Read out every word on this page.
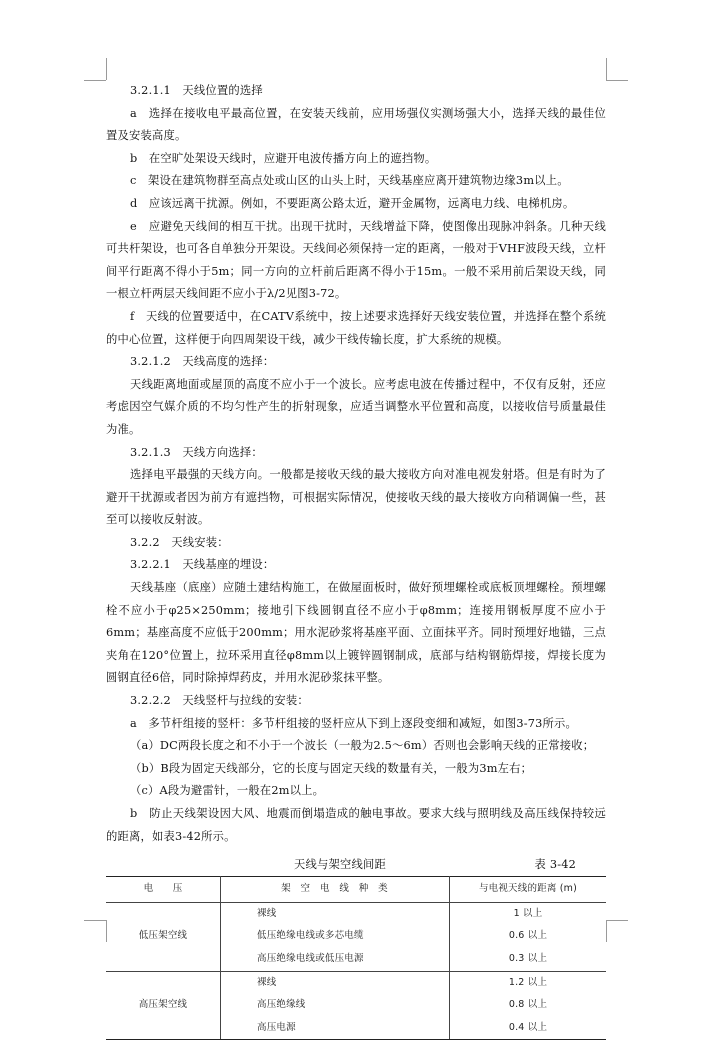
3.2.1.1　天线位置的选择

a　选择在接收电平最高位置，在安装天线前，应用场强仪实测场强大小，选择天线的最佳位置及安装高度。

b　在空旷处架设天线时，应避开电波传播方向上的遮挡物。

c　架设在建筑物群至高点处或山区的山头上时，天线基座应离开建筑物边缘3m以上。

d　应该远离干扰源。例如，不要距离公路太近，避开金属物，远离电力线、电梯机房。

e　应避免天线间的相互干扰。出现干扰时，天线增益下降，使图像出现脉冲斜条。几种天线可共杆架设，也可各自单独分开架设。天线间必须保持一定的距离，一般对于VHF波段天线，立杆间平行距离不得小于5m；同一方向的立杆前后距离不得小于15m。一般不采用前后架设天线，同一根立杆两层天线间距不应小于λ/2见图3-72。

f　天线的位置要适中，在CATV系统中，按上述要求选择好天线安装位置，并选择在整个系统的中心位置，这样便于向四周架设干线，减少干线传输长度，扩大系统的规模。

3.2.1.2　天线高度的选择：

天线距离地面或屋顶的高度不应小于一个波长。应考虑电波在传播过程中，不仅有反射，还应考虑因空气媒介质的不均匀性产生的折射现象，应适当调整水平位置和高度，以接收信号质量最佳为准。

3.2.1.3　天线方向选择：

选择电平最强的天线方向。一般都是接收天线的最大接收方向对准电视发射塔。但是有时为了避开干扰源或者因为前方有遮挡物，可根据实际情况，使接收天线的最大接收方向稍调偏一些，甚至可以接收反射波。

3.2.2　天线安装：

3.2.2.1　天线基座的埋设：

天线基座（底座）应随土建结构施工，在做屋面板时，做好预埋螺栓或底板顶埋螺栓。预埋螺栓不应小于φ25×250mm；接地引下线圆钢直径不应小于φ8mm；连接用钢板厚度不应小于6mm；基座高度不应低于200mm；用水泥砂浆将基座平面、立面抹平齐。同时预埋好地锚，三点夹角在120°位置上，拉环采用直径φ8mm以上镀锌圆钢制成，底部与结构钢筋焊接，焊接长度为圆钢直径6倍，同时除掉焊药皮，并用水泥砂浆抹平整。

3.2.2.2　天线竖杆与拉线的安装：

a　多节杆组接的竖杆：多节杆组接的竖杆应从下到上逐段变细和减短，如图3-73所示。

（a）DC两段长度之和不小于一个波长（一般为2.5～6m）否则也会影响天线的正常接收；

（b）B段为固定天线部分，它的长度与固定天线的数量有关，一般为3m左右；

（c）A段为避雷针，一般在2m以上。

b　防止天线架设因大风、地震而倒塌造成的触电事故。要求大线与照明线及高压线保持较远的距离，如表3-42所示。

天线与架空线间距	表 3-42
电　　压	架　空　电　线　种　类	与电视天线的距离 (m)
低压架空线	裸线	1 以上
	低压绝缘电线或多芯电缆	0.6 以上
	高压绝缘电线或低压电源	0.3 以上
高压架空线	裸线	1.2 以上
	高压绝缘线	0.8 以上
	高压电源	0.4 以上
